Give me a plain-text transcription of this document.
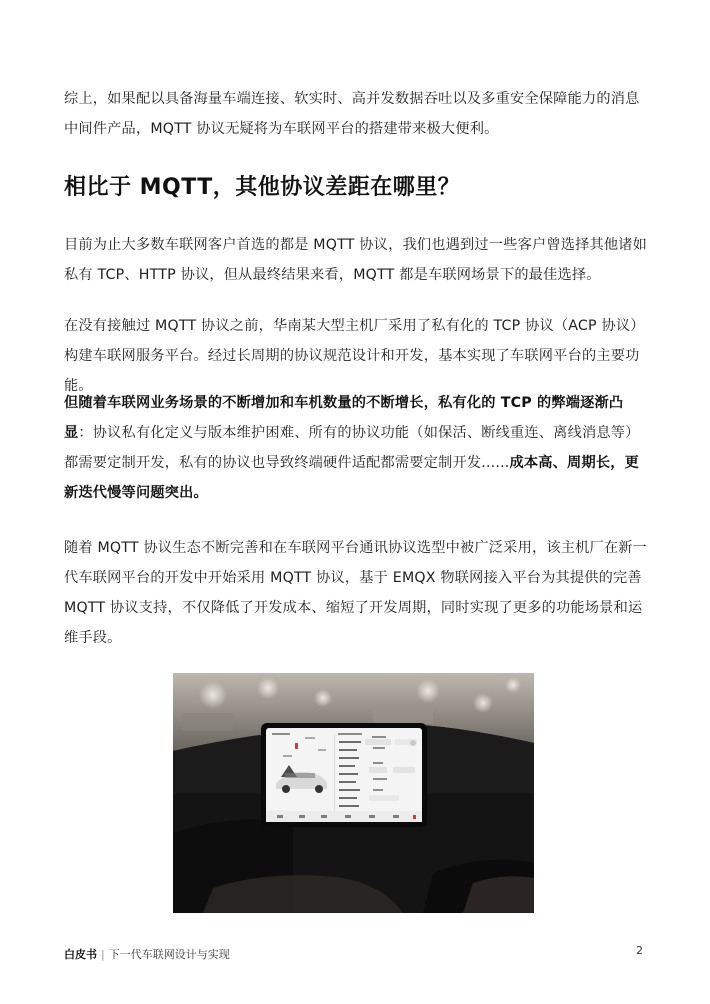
综上，如果配以具备海量车端连接、软实时、高并发数据吞吐以及多重安全保障能力的消息中间件产品，MQTT 协议无疑将为车联网平台的搭建带来极大便利。

相比于 MQTT，其他协议差距在哪里？

目前为止大多数车联网客户首选的都是 MQTT 协议，我们也遇到过一些客户曾选择其他诸如私有 TCP、HTTP 协议，但从最终结果来看，MQTT 都是车联网场景下的最佳选择。

在没有接触过 MQTT 协议之前，华南某大型主机厂采用了私有化的 TCP 协议（ACP 协议）构建车联网服务平台。经过长周期的协议规范设计和开发，基本实现了车联网平台的主要功能。

但随着车联网业务场景的不断增加和车机数量的不断增长，私有化的 TCP 的弊端逐渐凸显：协议私有化定义与版本维护困难、所有的协议功能（如保活、断线重连、离线消息等）都需要定制开发，私有的协议也导致终端硬件适配都需要定制开发......成本高、周期长，更新迭代慢等问题突出。

随着 MQTT 协议生态不断完善和在车联网平台通讯协议选型中被广泛采用，该主机厂在新一代车联网平台的开发中开始采用 MQTT 协议，基于 EMQX 物联网接入平台为其提供的完善 MQTT 协议支持，不仅降低了开发成本、缩短了开发周期，同时实现了更多的功能场景和运维手段。

白皮书 | 下一代车联网设计与实现	2
